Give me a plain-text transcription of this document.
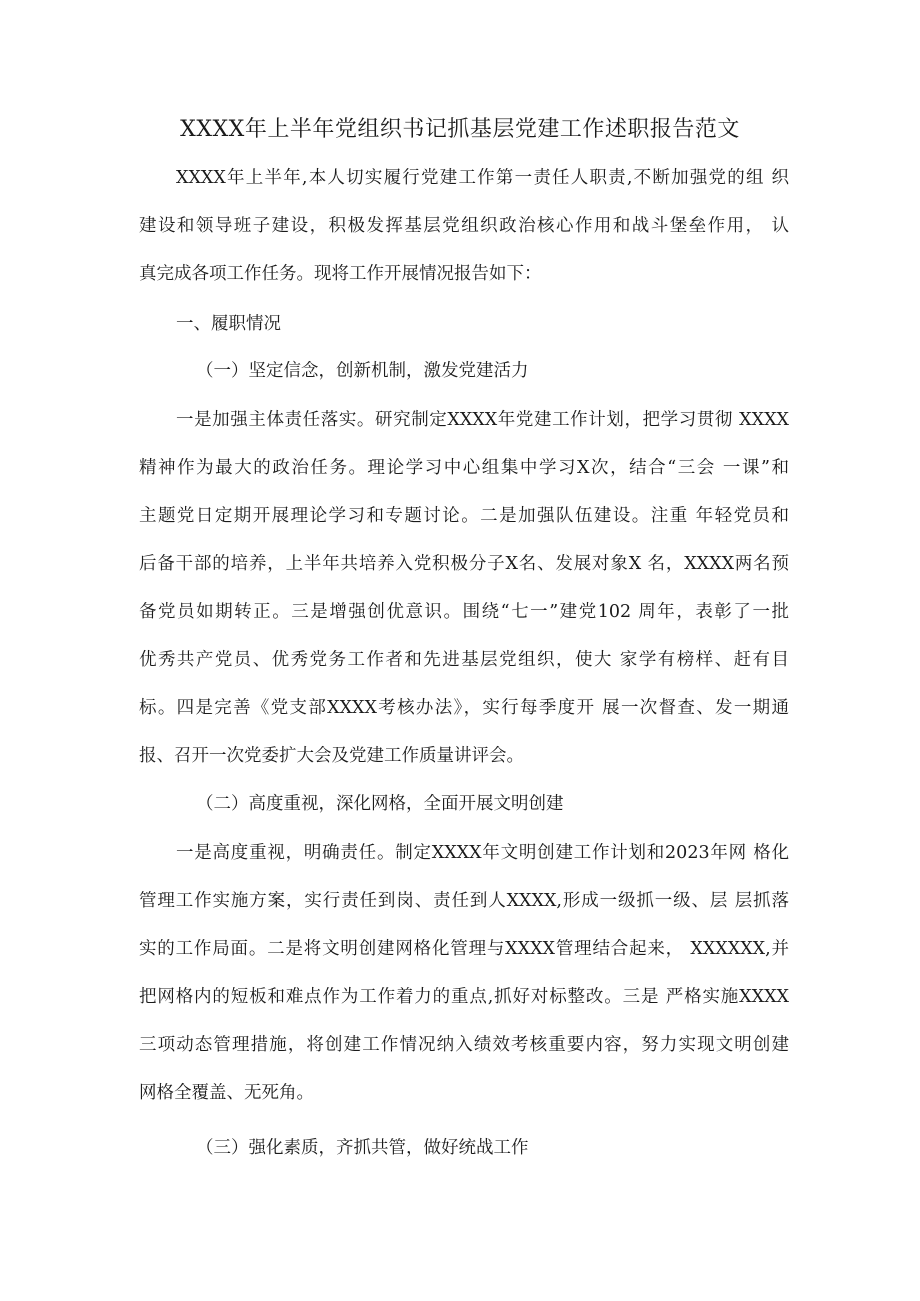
XXXX年上半年党组织书记抓基层党建工作述职报告范文
XXXX年上半年,本人切实履行党建工作第一责任人职责,不断加强党的组 织
建设和领导班子建设，积极发挥基层党组织政治核心作用和战斗堡垒作用， 认
真完成各项工作任务。现将工作开展情况报告如下：
一、履职情况
（一）坚定信念，创新机制，激发党建活力
一是加强主体责任落实。研究制定XXXX年党建工作计划，把学习贯彻 XXXX
精神作为最大的政治任务。理论学习中心组集中学习X次，结合“三会 一课”和
主题党日定期开展理论学习和专题讨论。二是加强队伍建设。注重 年轻党员和
后备干部的培养，上半年共培养入党积极分子X名、发展对象X 名，XXXX两名预
备党员如期转正。三是增强创优意识。围绕“七一”建党102 周年，表彰了一批
优秀共产党员、优秀党务工作者和先进基层党组织，使大 家学有榜样、赶有目
标。四是完善《党支部XXXX考核办法》，实行每季度开 展一次督查、发一期通
报、召开一次党委扩大会及党建工作质量讲评会。
（二）高度重视，深化网格，全面开展文明创建
一是高度重视，明确责任。制定XXXX年文明创建工作计划和2023年网 格化
管理工作实施方案，实行责任到岗、责任到人XXXX,形成一级抓一级、层 层抓落
实的工作局面。二是将文明创建网格化管理与XXXX管理结合起来， XXXXXX,并
把网格内的短板和难点作为工作着力的重点,抓好对标整改。三是 严格实施XXXX
三项动态管理措施，将创建工作情况纳入绩效考核重要内容，努力实现文明创建
网格全覆盖、无死角。
（三）强化素质，齐抓共管，做好统战工作
